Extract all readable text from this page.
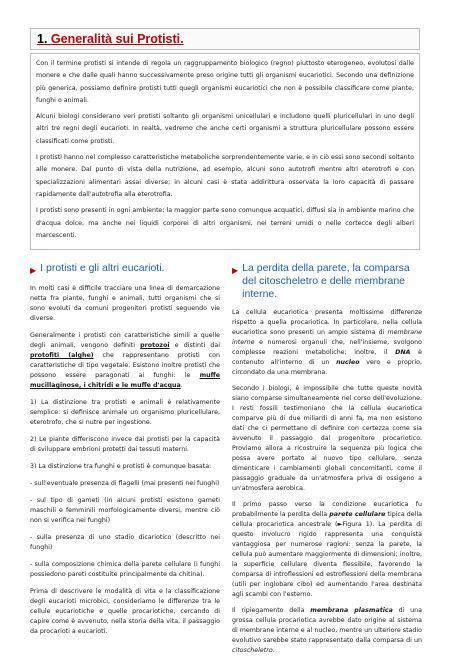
1. Generalità sui Protisti.

Con il termine protisti si intende di regola un raggruppamento biologico (regno) piuttosto eterogeneo, evolutosi dalle monere e che dalle quali hanno successivamente preso origine tutti gli organismi eucariotici. Secondo una definizione più generica, possiamo definire protisti tutti quegli organismi eucariotici che non è possibile classificare come piante, funghi o animali.

Alcuni biologi considerano veri protisti soltanto gli organismi unicellulari e includono quelli pluricellulari in uno degli altri tre regni degli eucarioti. In realtà, vedremo che anche certi organismi a struttura pluricellulare possono essere classificati come protisti.

I protisti hanno nel complesso caratteristiche metaboliche sorprendentemente varie, e in ciò essi sono secondi soltanto alle monere. Dal punto di vista della nutrizione, ad esempio, alcuni sono autotrofi mentre altri eterotrofi e con specializzazioni alimentari assai diverse; in alcuni casi è stata addirittura osservata la loro capacità di passare rapidamente dall'autotrofia alla eterotrofia.

I protisti sono presenti in ogni ambiente; la maggior parte sono comunque acquatici, diffusi sia in ambiente marino che d'acqua dolce, ma anche nei liquidi corporei di altri organismi, nei terreni umidi o nelle cortecce degli alberi marcescenti.

▶ I protisti e gli altri eucarioti.

In molti casi è difficile tracciare una linea di demarcazione netta fra piante, funghi e animali, tutti organismi che si sono evoluti da comuni progenitori protisti seguendo vie diverse.

Generalmente i protisti con caratteristiche simili a quelle degli animali, vengono definiti protozoi e distinti dai protofiti (alghe) che rappresentano protisti con caratteristiche di tipo vegetale. Esistono inoltre protisti che possono essere paragonati ai funghi: le muffe mucillaginose, i chitridi e le muffe d'acqua.

1) La distinzione tra protisti e animali è relativamente semplice: si definisce animale un organismo pluricellulare, eterotrofo, che si nutre per ingestione.

2) Le piante differiscono invece dai protisti per la capacità di sviluppare embrioni protetti dai tessuti materni.

3) La distinzione tra funghi e protisti è comunque basata:

- sull'eventuale presenza di flagelli (mai presenti nei funghi)

- sul tipo di gameti (in alcuni protisti esistono gameti maschili e femminili morfologicamente diversi, mentre ciò non si verifica nei funghi)

- sulla presenza di uno stadio dicariotico (descritto nei funghi)

- sulla composizione chimica della parete cellulare (i funghi possiedono pareti costituite principalmente da chitina).

Prima di descrivere le modalità di vita e la classificazione degli eucarioti microbici, consideriamo le differenze tra le cellule eucariotiche e quelle procariotiche, cercando di capire come è avvenuto, nella storia della vita, il passaggio da procarioti a eucarioti.

▶ La perdita della parete, la comparsa del citoscheletro e delle membrane interne.

La cellula eucariotica presenta moltissime differenze rispetto a quella procariotica. In particolare, nella cellula eucariotica sono presenti un ampio sistema di membrane interne e numerosi organuli che, nell'insieme, svolgono complesse reazioni metaboliche; inoltre, il DNA è contenuto all'interno di un nucleo vero e proprio, circondato da una membrana.

Secondo i biologi, è impossibile che tutte queste novità siano comparse simultaneamente nel corso dell'evoluzione. I resti fossili testimoniano che la cellula eucariotica comparve più di due miliardi di anni fa, ma non esistono dati che ci permettano di definire con certezza come sia avvenuto il passaggio dal progenitore procariotico. Proviamo allora a ricostruire la sequenza più logica che possa avere portato al nuovo tipo cellulare, senza dimenticare i cambiamenti globali concomitanti, come il passaggio graduale da un'atmosfera priva di ossigeno a un'atmosfera aerobica.

Il primo passo verso la condizione eucariotica fu probabilmente la perdita della parete cellulare tipica della cellula procariotica ancestrale (►Figura 1). La perdita di questo involucro rigido rappresenta una conquista vantaggiosa per numerose ragioni: senza la parete, la cellula può aumentare maggiormente di dimensioni; inoltre, la superficie cellulare diventa flessibile, favorendo la comparsa di introflessioni ed estroflessioni della membrana (utili per inglobare cibo) ed aumentando l'area destinata agli scambi con l'esterno.

Il ripiegamento della membrana plasmatica di una grossa cellula procariotica avrebbe dato origine al sistema di membrane interne e al nucleo, mentre un ulteriore stadio evolutivo sarebbe stato rappresentato dalla comparsa di un citoscheletro.
